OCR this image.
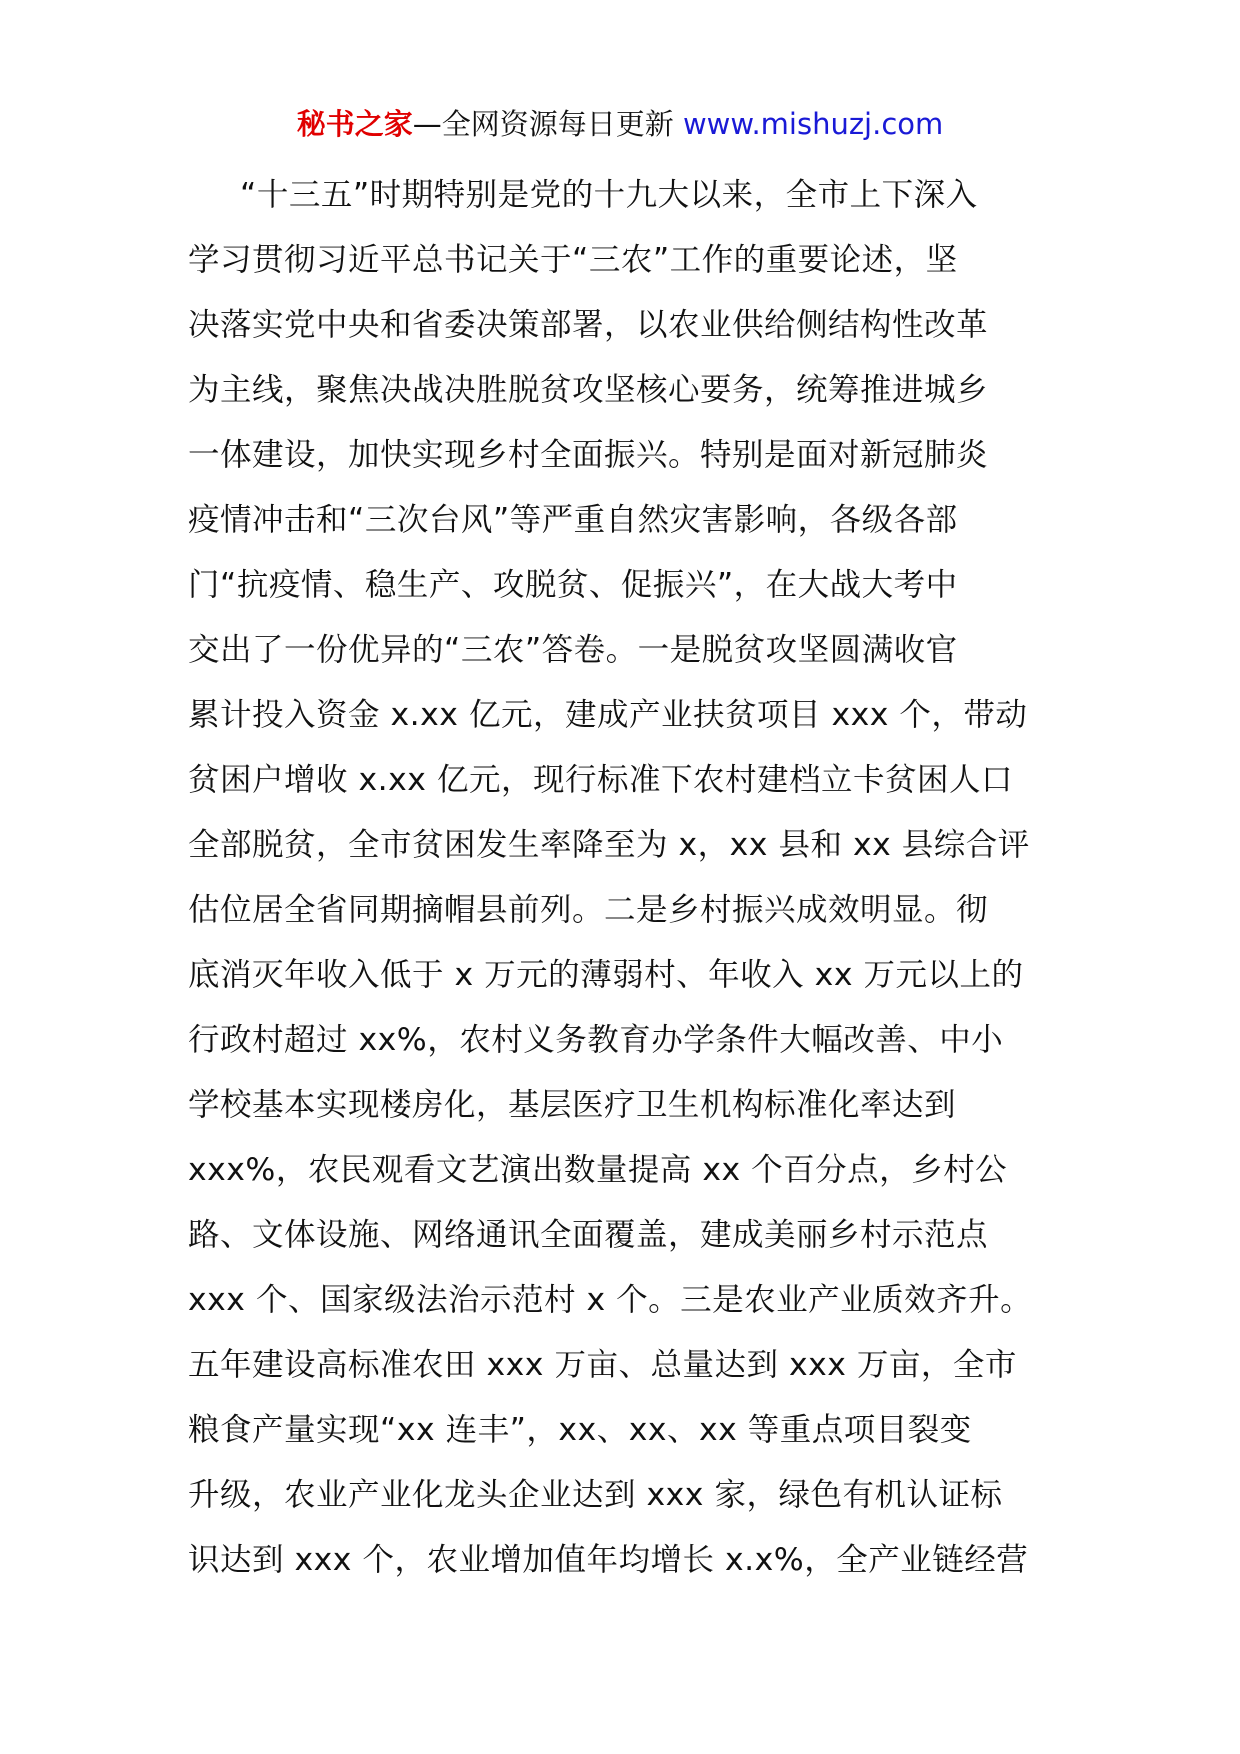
秘书之家—全网资源每日更新 www.mishuzj.com
“十三五”时期特别是党的十九大以来，全市上下深入
学习贯彻习近平总书记关于“三农”工作的重要论述，坚
决落实党中央和省委决策部署，以农业供给侧结构性改革
为主线，聚焦决战决胜脱贫攻坚核心要务，统筹推进城乡
一体建设，加快实现乡村全面振兴。特别是面对新冠肺炎
疫情冲击和“三次台风”等严重自然灾害影响，各级各部
门“抗疫情、稳生产、攻脱贫、促振兴”，在大战大考中
交出了一份优异的“三农”答卷。一是脱贫攻坚圆满收官
累计投入资金 x.xx 亿元，建成产业扶贫项目 xxx 个，带动
贫困户增收 x.xx 亿元，现行标准下农村建档立卡贫困人口
全部脱贫，全市贫困发生率降至为 x，xx 县和 xx 县综合评
估位居全省同期摘帽县前列。二是乡村振兴成效明显。彻
底消灭年收入低于 x 万元的薄弱村、年收入 xx 万元以上的
行政村超过 xx%，农村义务教育办学条件大幅改善、中小
学校基本实现楼房化，基层医疗卫生机构标准化率达到
xxx%，农民观看文艺演出数量提高 xx 个百分点，乡村公
路、文体设施、网络通讯全面覆盖，建成美丽乡村示范点
xxx 个、国家级法治示范村 x 个。三是农业产业质效齐升。
五年建设高标准农田 xxx 万亩、总量达到 xxx 万亩，全市
粮食产量实现“xx 连丰”，xx、xx、xx 等重点项目裂变
升级，农业产业化龙头企业达到 xxx 家，绿色有机认证标
识达到 xxx 个，农业增加值年均增长 x.x%，全产业链经营
